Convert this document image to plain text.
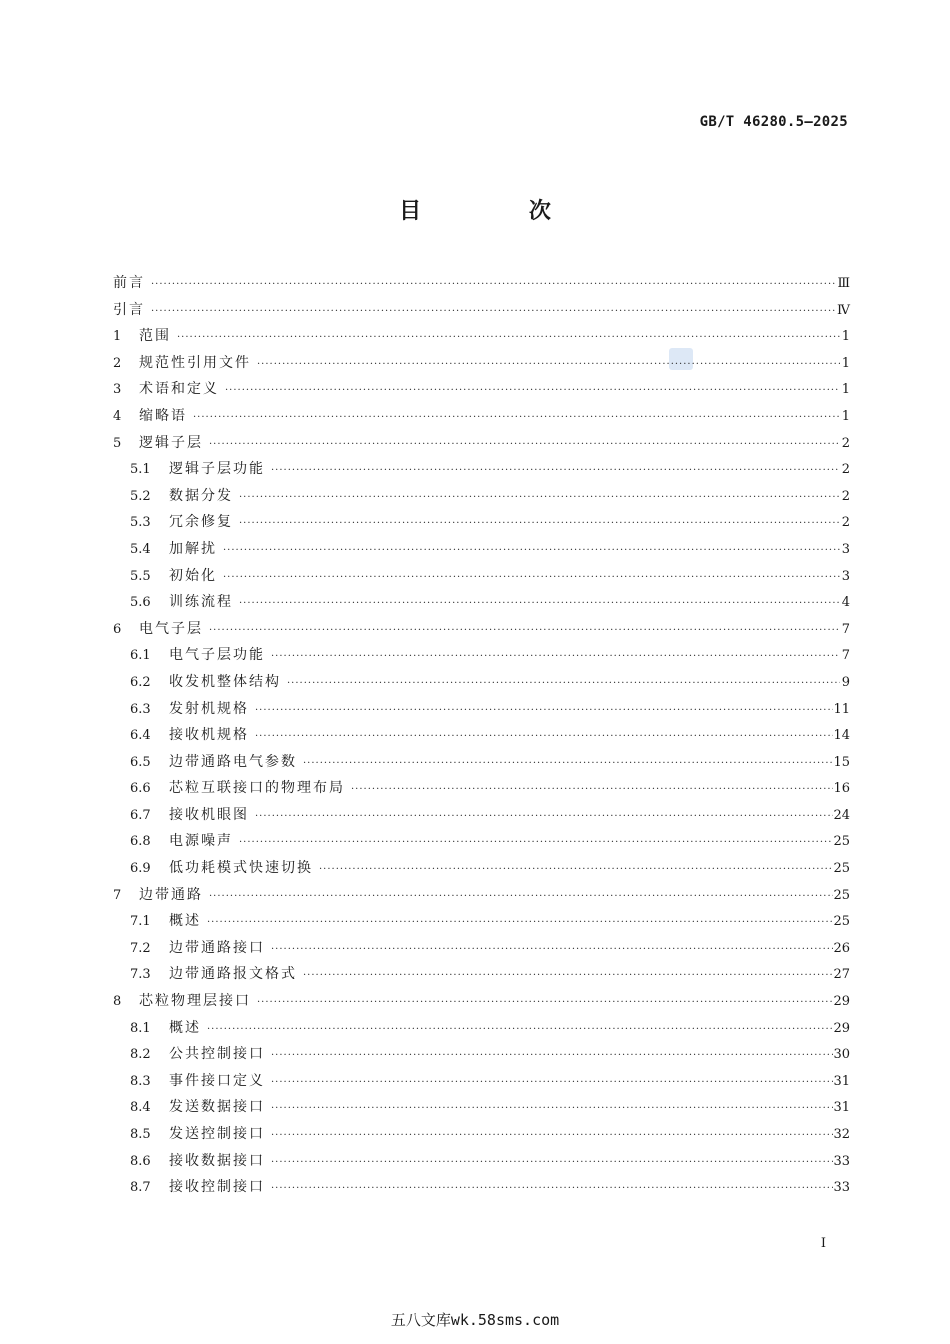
GB/T 46280.5—2025
目 次
前言 ·····	Ⅲ
引言 ·····	Ⅳ
1	范围 ·····	1
2	规范性引用文件 ·····	1
3	术语和定义 ·····	1
4	缩略语 ·····	1
5	逻辑子层 ·····	2
5.1	逻辑子层功能 ·····	2
5.2	数据分发 ·····	2
5.3	冗余修复 ·····	2
5.4	加解扰 ·····	3
5.5	初始化 ·····	3
5.6	训练流程 ·····	4
6	电气子层 ·····	7
6.1	电气子层功能 ·····	7
6.2	收发机整体结构 ·····	9
6.3	发射机规格 ·····	11
6.4	接收机规格 ·····	14
6.5	边带通路电气参数 ·····	15
6.6	芯粒互联接口的物理布局 ·····	16
6.7	接收机眼图 ·····	24
6.8	电源噪声 ·····	25
6.9	低功耗模式快速切换 ·····	25
7	边带通路 ·····	25
7.1	概述 ·····	25
7.2	边带通路接口 ·····	26
7.3	边带通路报文格式 ·····	27
8	芯粒物理层接口 ·····	29
8.1	概述 ·····	29
8.2	公共控制接口 ·····	30
8.3	事件接口定义 ·····	31
8.4	发送数据接口 ·····	31
8.5	发送控制接口 ·····	32
8.6	接收数据接口 ·····	33
8.7	接收控制接口 ·····	33
I
五八文库wk.58sms.com
